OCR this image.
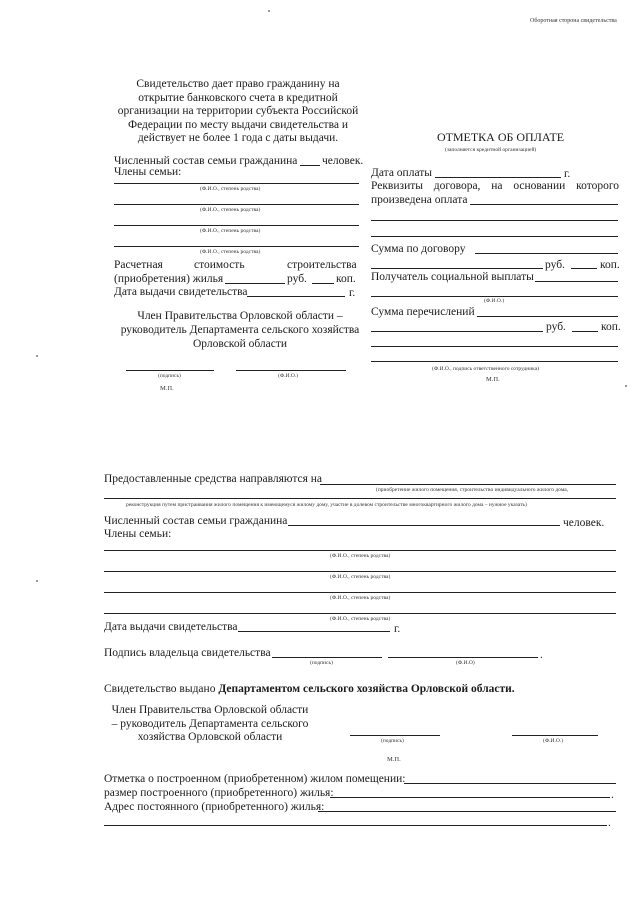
Оборотная сторона свидетельства
Свидетельство дает право гражданину на открытие банковского счета в кредитной организации на территории субъекта Российской Федерации по месту выдачи свидетельства и действует не более 1 года с даты выдачи.
Численный состав семьи гражданина человек.
Члены семьи:
(Ф.И.О., степень родства)
(Ф.И.О., степень родства)
(Ф.И.О., степень родства)
(Ф.И.О., степень родства)
Расчетная	стоимость	строительства
(приобретения) жилья	руб.	коп.
Дата выдачи свидетельства	г.
Член Правительства Орловской области – руководитель Департамента сельского хозяйства Орловской области
(подпись)	(Ф.И.О.)
М.П.
ОТМЕТКА ОБ ОПЛАТЕ
(заполняется кредитной организацией)
Дата оплаты	г.
Реквизиты договора, на основании которого произведена оплата
Сумма по договору
руб.	коп.
Получатель социальной выплаты
(Ф.И.О.)
Сумма перечислений
руб.	коп.
(Ф.И.О., подпись ответственного сотрудника)
М.П.
Предоставленные средства направляются на
(приобретение жилого помещения, строительство индивидуального жилого дома,
реконструкция путем пристраивания жилого помещения к имеющемуся жилому дому, участие в долевом строительстве многоквартирного жилого дома – нужное указать)
Численный состав семьи гражданина	человек.
Члены семьи:
(Ф.И.О., степень родства)
(Ф.И.О., степень родства)
(Ф.И.О., степень родства)
(Ф.И.О., степень родства)
Дата выдачи свидетельства	г.
Подпись владельца свидетельства	.
(подпись)	(Ф.И.О)
Свидетельство выдано Департаментом сельского хозяйства Орловской области.
Член Правительства Орловской области – руководитель Департамента сельского хозяйства Орловской области	(подпись)	(Ф.И.О.)
М.П.
Отметка о построенном (приобретенном) жилом помещении:
размер построенного (приобретенного) жилья:	.
Адрес постоянного (приобретенного) жилья:
.
